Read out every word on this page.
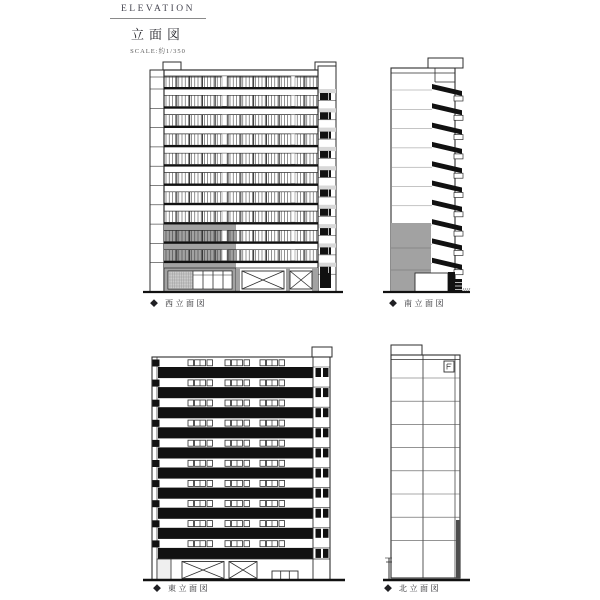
ELEVATION
立面図
SCALE:約1/350
◆ 西立面図	◆ 南立面図
◆ 東立面図	◆ 北立面図
